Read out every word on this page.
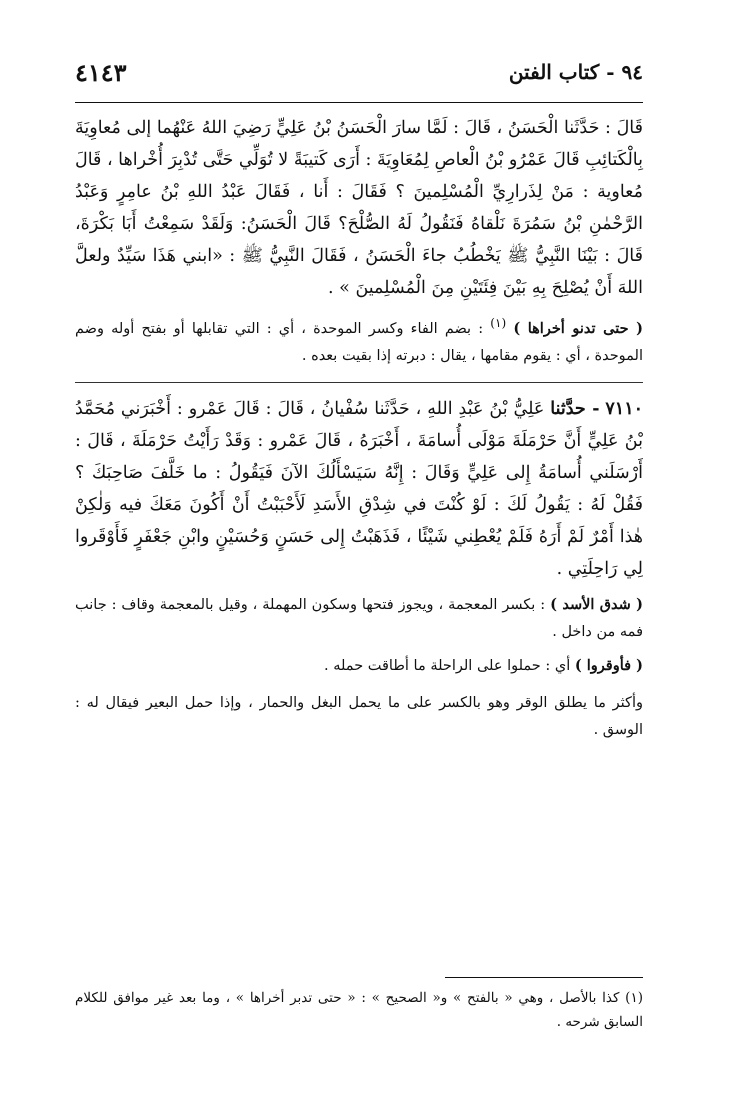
٩٤ - كتاب الفتن
٤١٤٣

قَالَ : حَدَّثَنا الْحَسَنُ ، قَالَ : لَمَّا سارَ الْحَسَنُ بْنُ عَلِيٍّ رَضِيَ اللهُ عَنْهُما إلى مُعاوِيَةَ بِالْكَتائِبِ قَالَ عَمْرُو بْنُ الْعاصِ لِمُعَاوِيَةَ : أَرَى كَتيبَةً لا تُوَلِّي حَتَّى تُدْبِرَ أُخْراها ، قَالَ مُعاوية : مَنْ لِذَرارِيِّ الْمُسْلِمينَ ؟ فَقَالَ : أَنا ، فَقَالَ عَبْدُ اللهِ بْنُ عامِرٍ وَعَبْدُ الرَّحْمٰنِ بْنُ سَمُرَةَ نَلْقاهُ فَنَقُولُ لَهُ الصُّلْحَ؟ قَالَ الْحَسَنُ: وَلَقَدْ سَمِعْتُ أَبَا بَكْرَةَ، قَالَ : بَيْنَا النَّبِيُّ ﷺ يَخْطُبُ جاءَ الْحَسَنُ ، فَقَالَ النَّبِيُّ ﷺ : «ابني هَذَا سَيِّدٌ ولعلَّ اللهَ أَنْ يُصْلِحَ بِهِ بَيْنَ فِئَتَيْنِ مِنَ الْمُسْلِمينَ » .

( حتى تدنو أخراها ) $^{(١)}$ : بضم الفاء وكسر الموحدة ، أي : التي تقابلها أو بفتح أوله وضم الموحدة ، أي : يقوم مقامها ، يقال : دبرته إذا بقيت بعده .

٧١١٠ - حدَّثنا عَلِيُّ بْنُ عَبْدِ اللهِ ، حَدَّثَنا سُفْيانُ ، قَالَ : قَالَ عَمْرو : أَخْبَرَني مُحَمَّدُ بْنُ عَلِيٍّ أَنَّ حَرْمَلَةَ مَوْلَى أُسامَةَ ، أَخْبَرَهُ ، قَالَ عَمْرو : وَقَدْ رَأَيْتُ حَرْمَلَةَ ، قَالَ : أَرْسَلَني أُسامَةُ إِلى عَلِيٍّ وَقَالَ : إِنَّهُ سَيَسْأَلُكَ الآنَ فَيَقُولُ : ما خَلَّفَ صَاحِبَكَ ؟ فَقُلْ لَهُ : يَقُولُ لَكَ : لَوْ كُنْتَ في شِدْقِ الأَسَدِ لَأَحْبَبْتُ أَنْ أَكُونَ مَعَكَ فيه وَلٰكِنْ هٰذا أَمْرٌ لَمْ أَرَهُ فَلَمْ يُعْطِني شَيْئًا ، فَذَهَبْتُ إِلى حَسَنٍ وَحُسَيْنٍ وابْنِ جَعْفَرٍ فَأَوْقَروا لِي رَاحِلَتِي .

( شدق الأسد ) : بكسر المعجمة ، ويجوز فتحها وسكون المهملة ، وقيل بالمعجمة وقاف : جانب فمه من داخل .

( فأوقروا ) أي : حملوا على الراحلة ما أطاقت حمله .

وأكثر ما يطلق الوقر وهو بالكسر على ما يحمل البغل والحمار ، وإذا حمل البعير فيقال له : الوسق .

(١) كذا بالأصل ، وهي « بالفتح » و« الصحيح » : « حتى تدبر أخراها » ، وما بعد غير موافق للكلام السابق شرحه .
